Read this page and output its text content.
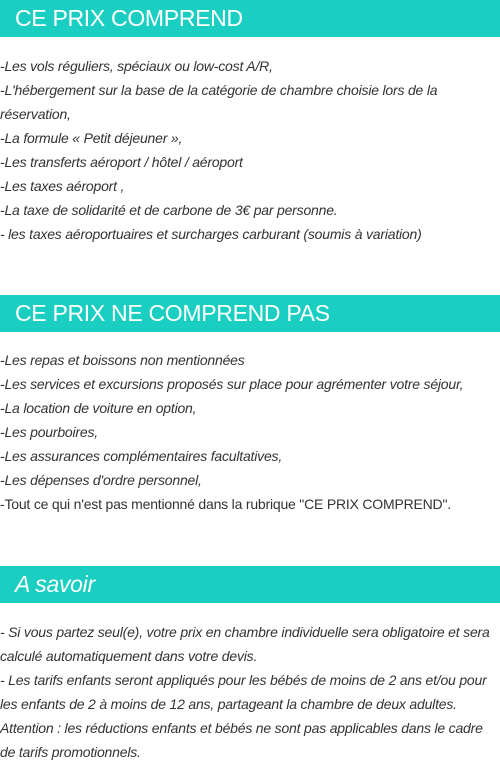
CE PRIX COMPREND
-Les vols réguliers, spéciaux ou low-cost A/R,
-L'hébergement sur la base de la catégorie de chambre choisie lors de la
réservation,
-La formule « Petit déjeuner »,
-Les transferts aéroport / hôtel / aéroport
-Les taxes aéroport ,
-La taxe de solidarité et de carbone de 3€ par personne.
- les taxes aéroportuaires et surcharges carburant (soumis à variation)
CE PRIX NE COMPREND PAS
-Les repas et boissons non mentionnées
-Les services et excursions proposés sur place pour agrémenter votre séjour,
-La location de voiture en option,
-Les pourboires,
-Les assurances complémentaires facultatives,
-Les dépenses d'ordre personnel,
-Tout ce qui n'est pas mentionné dans la rubrique "CE PRIX COMPREND".
A savoir
- Si vous partez seul(e), votre prix en chambre individuelle sera obligatoire et sera calculé automatiquement dans votre devis.
- Les tarifs enfants seront appliqués pour les bébés de moins de 2 ans et/ou pour les enfants de 2 à moins de 12 ans, partageant la chambre de deux adultes.
Attention : les réductions enfants et bébés ne sont pas applicables dans le cadre de tarifs promotionnels.
